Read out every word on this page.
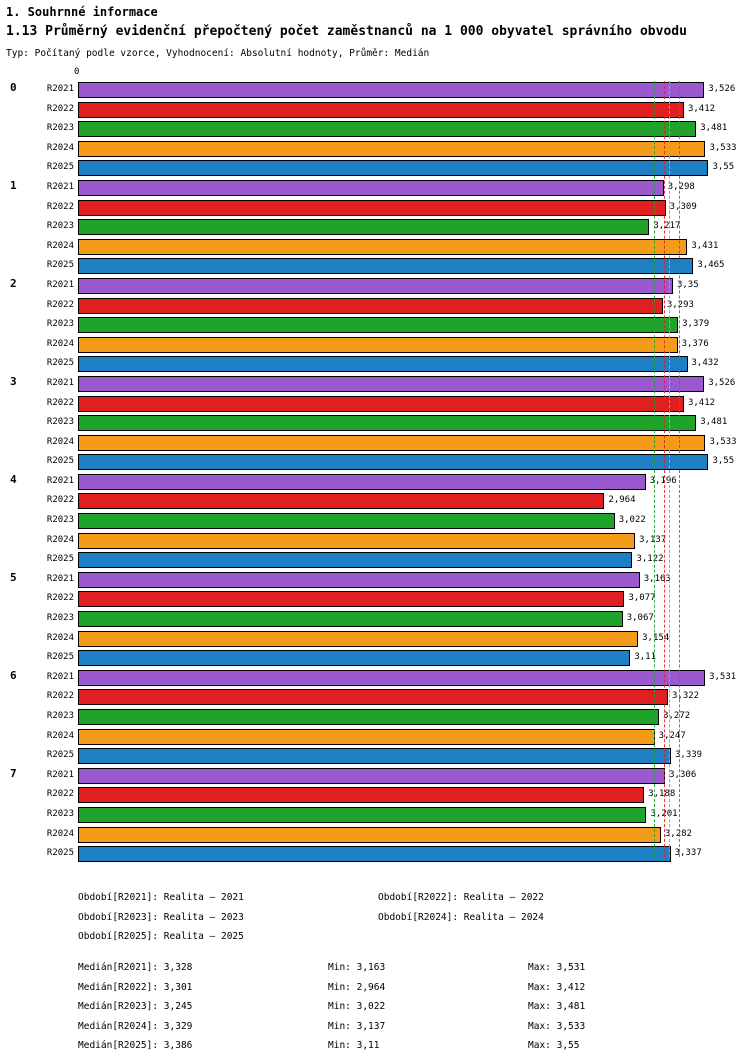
1. Souhrnné informace
1.13 Průměrný evidenční přepočtený počet zaměstnanců na 1 000 obyvatel správního obvodu
Typ: Počítaný podle vzorce, Vyhodnocení: Absolutní hodnoty, Průměr: Medián
0
0	R2021	3,526
R2022	3,412
R2023	3,481
R2024	3,533
R2025	3,55
1	R2021	3,298
R2022	3,309
R2023	3,217
R2024	3,431
R2025	3,465
2	R2021	3,35
R2022	3,293
R2023	3,379
R2024	3,376
R2025	3,432
3	R2021	3,526
R2022	3,412
R2023	3,481
R2024	3,533
R2025	3,55
4	R2021	3,196
R2022	2,964
R2023	3,022
R2024	3,137
R2025	3,122
5	R2021	3,163
R2022	3,077
R2023	3,067
R2024	3,154
R2025	3,11
6	R2021	3,531
R2022	3,322
R2023	3,272
R2024	3,247
R2025	3,339
7	R2021	3,306
R2022	3,188
R2023	3,201
R2024	3,282
R2025	3,337
Období[R2021]: Realita – 2021	Období[R2022]: Realita – 2022
Období[R2023]: Realita – 2023	Období[R2024]: Realita – 2024
Období[R2025]: Realita – 2025
Medián[R2021]: 3,328	Min: 3,163	Max: 3,531
Medián[R2022]: 3,301	Min: 2,964	Max: 3,412
Medián[R2023]: 3,245	Min: 3,022	Max: 3,481
Medián[R2024]: 3,329	Min: 3,137	Max: 3,533
Medián[R2025]: 3,386	Min: 3,11	Max: 3,55
